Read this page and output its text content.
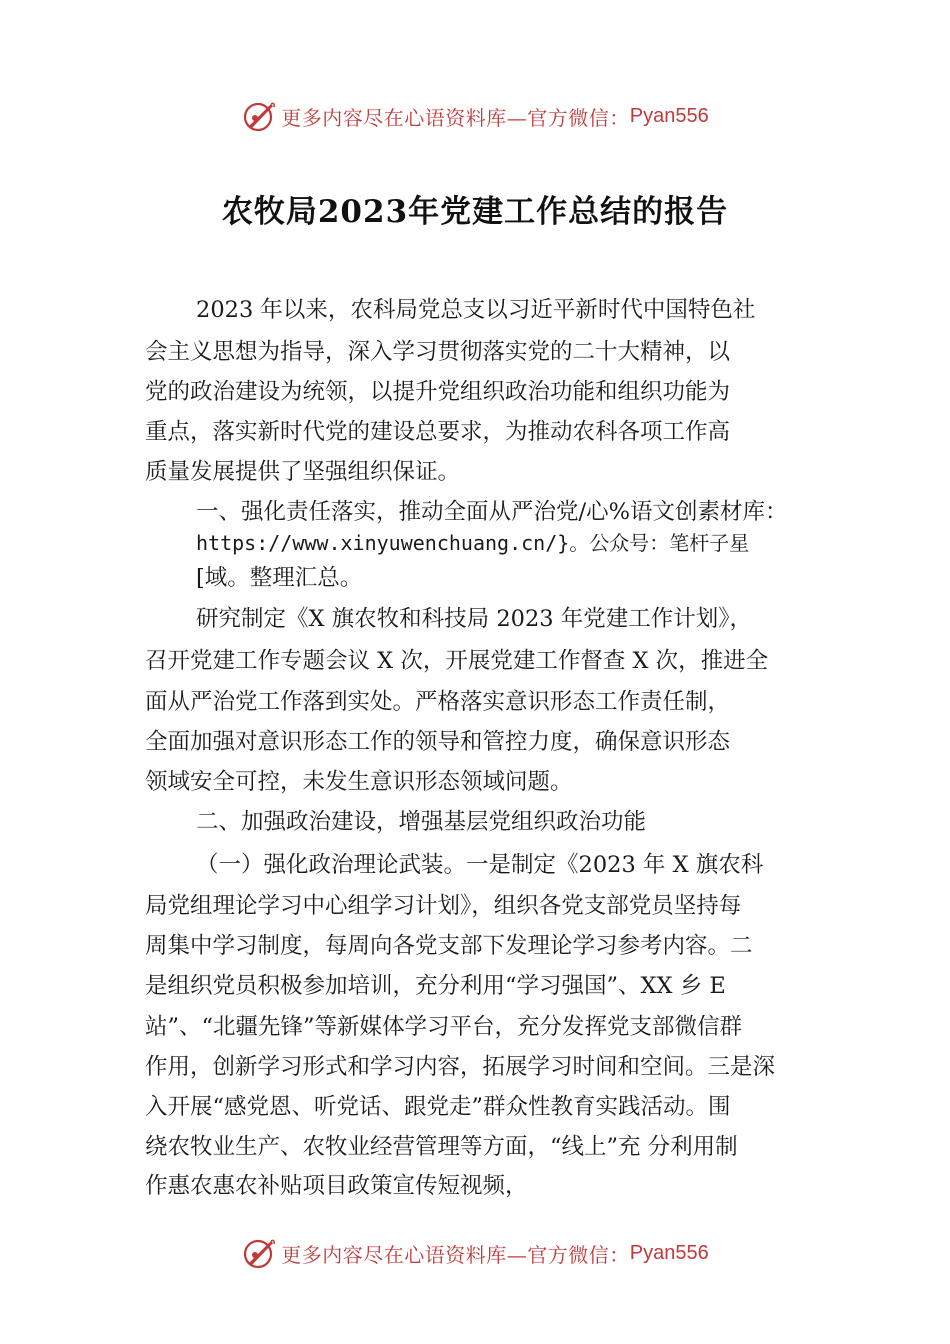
更多内容尽在心语资料库—官方微信： Pyan556
农牧局2023年党建工作总结的报告
2023 年以来，农科局党总支以习近平新时代中国特色社
会主义思想为指导，深入学习贯彻落实党的二十大精神，以
党的政治建设为统领，以提升党组织政治功能和组织功能为
重点，落实新时代党的建设总要求，为推动农科各项工作高
质量发展提供了坚强组织保证。
一、强化责任落实，推动全面从严治党/心%语文创素材库：
https://www.xinyuwenchuang.cn/}。公众号：笔杆子星
[域。整理汇总。
研究制定《X 旗农牧和科技局 2023 年党建工作计划》，
召开党建工作专题会议 X 次，开展党建工作督查 X 次，推进全
面从严治党工作落到实处。严格落实意识形态工作责任制，
全面加强对意识形态工作的领导和管控力度，确保意识形态
领域安全可控，未发生意识形态领域问题。
二、加强政治建设，增强基层党组织政治功能
（一）强化政治理论武装。一是制定《2023 年 X 旗农科
局党组理论学习中心组学习计划》，组织各党支部党员坚持每
周集中学习制度，每周向各党支部下发理论学习参考内容。二
是组织党员积极参加培训，充分利用“学习强国”、XX 乡 E
站”、“北疆先锋”等新媒体学习平台，充分发挥党支部微信群
作用，创新学习形式和学习内容，拓展学习时间和空间。三是深
入开展“感党恩、听党话、跟党走”群众性教育实践活动。围
绕农牧业生产、农牧业经营管理等方面，“线上”充 分利用制
作惠农惠农补贴项目政策宣传短视频，
更多内容尽在心语资料库—官方微信： Pyan556
